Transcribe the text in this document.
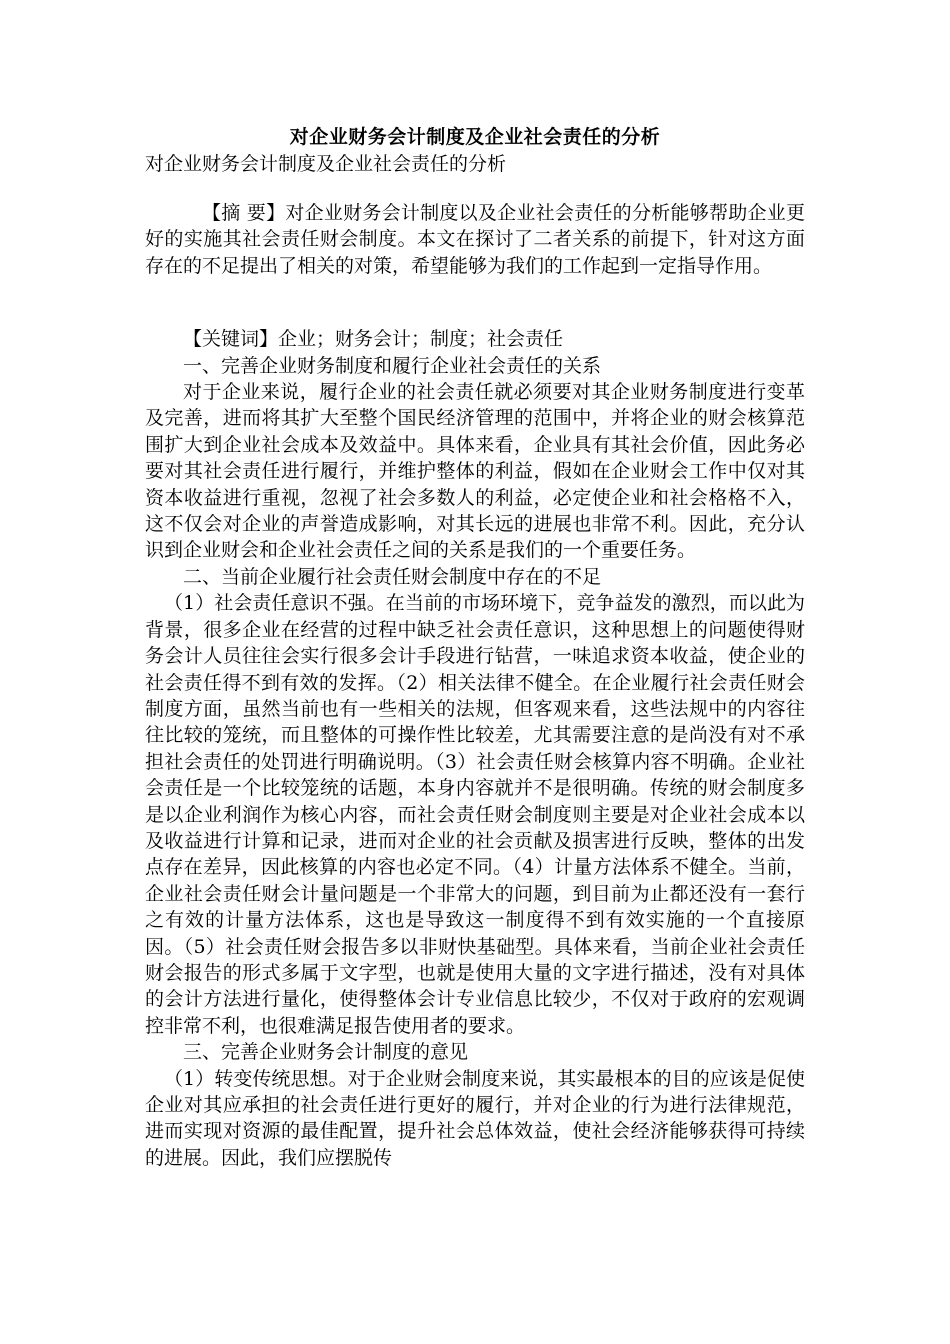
对企业财务会计制度及企业社会责任的分析
对企业财务会计制度及企业社会责任的分析

【摘 要】对企业财务会计制度以及企业社会责任的分析能够帮助企业更好的实施其社会责任财会制度。本文在探讨了二者关系的前提下，针对这方面存在的不足提出了相关的对策，希望能够为我们的工作起到一定指导作用。

【关键词】企业；财务会计；制度；社会责任

一、完善企业财务制度和履行企业社会责任的关系

对于企业来说，履行企业的社会责任就必须要对其企业财务制度进行变革及完善，进而将其扩大至整个国民经济管理的范围中，并将企业的财会核算范围扩大到企业社会成本及效益中。具体来看，企业具有其社会价值，因此务必要对其社会责任进行履行，并维护整体的利益，假如在企业财会工作中仅对其资本收益进行重视，忽视了社会多数人的利益，必定使企业和社会格格不入，这不仅会对企业的声誉造成影响，对其长远的进展也非常不利。因此，充分认识到企业财会和企业社会责任之间的关系是我们的一个重要任务。

二、当前企业履行社会责任财会制度中存在的不足

（1）社会责任意识不强。在当前的市场环境下，竞争益发的激烈，而以此为背景，很多企业在经营的过程中缺乏社会责任意识，这种思想上的问题使得财务会计人员往往会实行很多会计手段进行钻营，一味追求资本收益，使企业的社会责任得不到有效的发挥。（2）相关法律不健全。在企业履行社会责任财会制度方面，虽然当前也有一些相关的法规，但客观来看，这些法规中的内容往往比较的笼统，而且整体的可操作性比较差，尤其需要注意的是尚没有对不承担社会责任的处罚进行明确说明。（3）社会责任财会核算内容不明确。企业社会责任是一个比较笼统的话题，本身内容就并不是很明确。传统的财会制度多是以企业利润作为核心内容，而社会责任财会制度则主要是对企业社会成本以及收益进行计算和记录，进而对企业的社会贡献及损害进行反映，整体的出发点存在差异，因此核算的内容也必定不同。（4）计量方法体系不健全。当前，企业社会责任财会计量问题是一个非常大的问题，到目前为止都还没有一套行之有效的计量方法体系，这也是导致这一制度得不到有效实施的一个直接原因。（5）社会责任财会报告多以非财快基础型。具体来看，当前企业社会责任财会报告的形式多属于文字型，也就是使用大量的文字进行描述，没有对具体的会计方法进行量化，使得整体会计专业信息比较少，不仅对于政府的宏观调控非常不利，也很难满足报告使用者的要求。

三、完善企业财务会计制度的意见

（1）转变传统思想。对于企业财会制度来说，其实最根本的目的应该是促使企业对其应承担的社会责任进行更好的履行，并对企业的行为进行法律规范，进而实现对资源的最佳配置，提升社会总体效益，使社会经济能够获得可持续的进展。因此，我们应摆脱传
